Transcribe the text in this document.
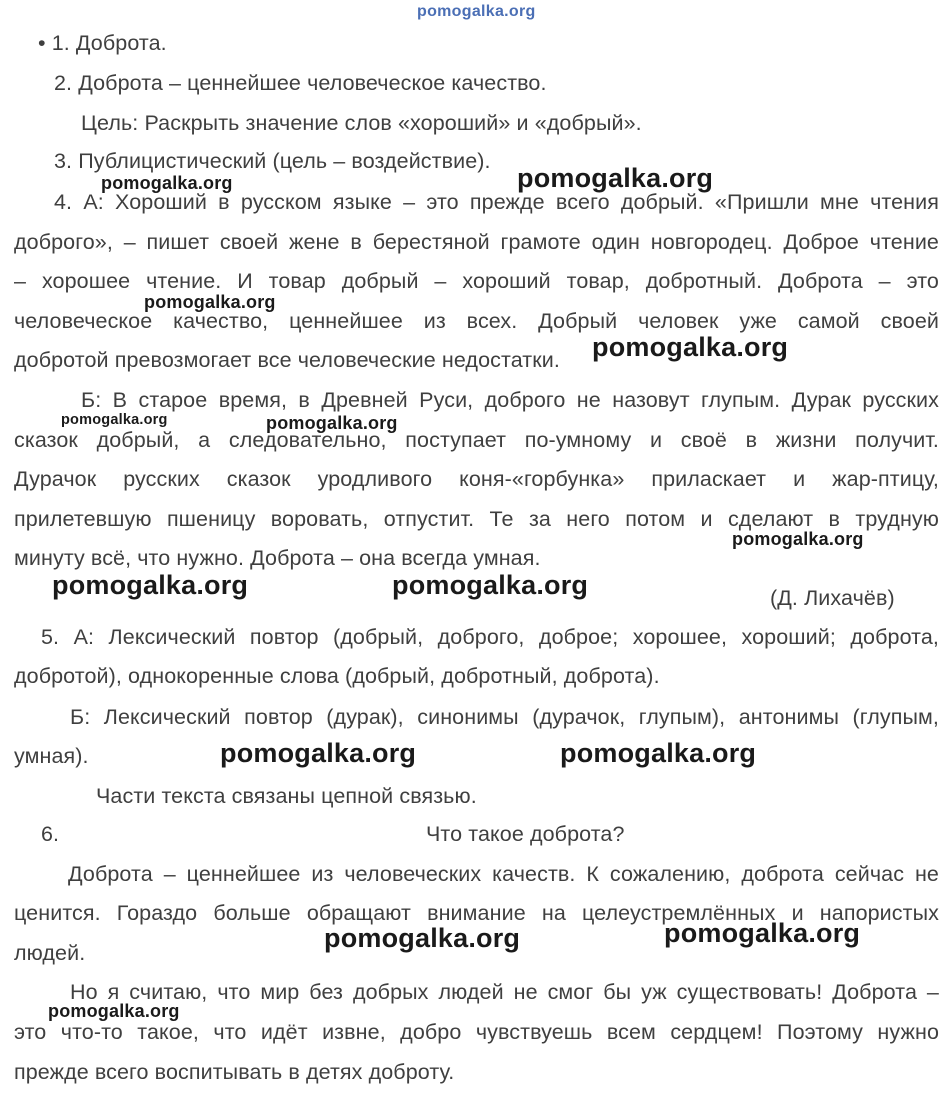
pomogalka.org
• 1. Доброта.
2. Доброта – ценнейшее человеческое качество.
Цель: Раскрыть значение слов «хороший» и «добрый».
3. Публицистический (цель – воздействие).
4. А: Хороший в русском языке – это прежде всего добрый. «Пришли мне чтения
доброго», – пишет своей жене в берестяной грамоте один новгородец. Доброе чтение
– хорошее чтение. И товар добрый – хороший товар, добротный. Доброта – это
человеческое качество, ценнейшее из всех. Добрый человек уже самой своей
добротой превозмогает все человеческие недостатки.
Б: В старое время, в Древней Руси, доброго не назовут глупым. Дурак русских
сказок добрый, а следовательно, поступает по-умному и своё в жизни получит.
Дурачок русских сказок уродливого коня-«горбунка» приласкает и жар-птицу,
прилетевшую пшеницу воровать, отпустит. Те за него потом и сделают в трудную
минуту всё, что нужно. Доброта – она всегда умная.
(Д. Лихачёв)
5. А: Лексический повтор (добрый, доброго, доброе; хорошее, хороший; доброта,
добротой), однокоренные слова (добрый, добротный, доброта).
Б: Лексический повтор (дурак), синонимы (дурачок, глупым), антонимы (глупым,
умная).
Части текста связаны цепной связью.
6.	Что такое доброта?
Доброта – ценнейшее из человеческих качеств. К сожалению, доброта сейчас не
ценится. Гораздо больше обращают внимание на целеустремлённых и напористых
людей.
Но я считаю, что мир без добрых людей не смог бы уж существовать! Доброта –
это что-то такое, что идёт извне, добро чувствуешь всем сердцем! Поэтому нужно
прежде всего воспитывать в детях доброту.
pomogalka.org	pomogalka.org
pomogalka.org
pomogalka.org
pomogalka.org	pomogalka.org
pomogalka.org
pomogalka.org	pomogalka.org
pomogalka.org	pomogalka.org
pomogalka.org	pomogalka.org
pomogalka.org
